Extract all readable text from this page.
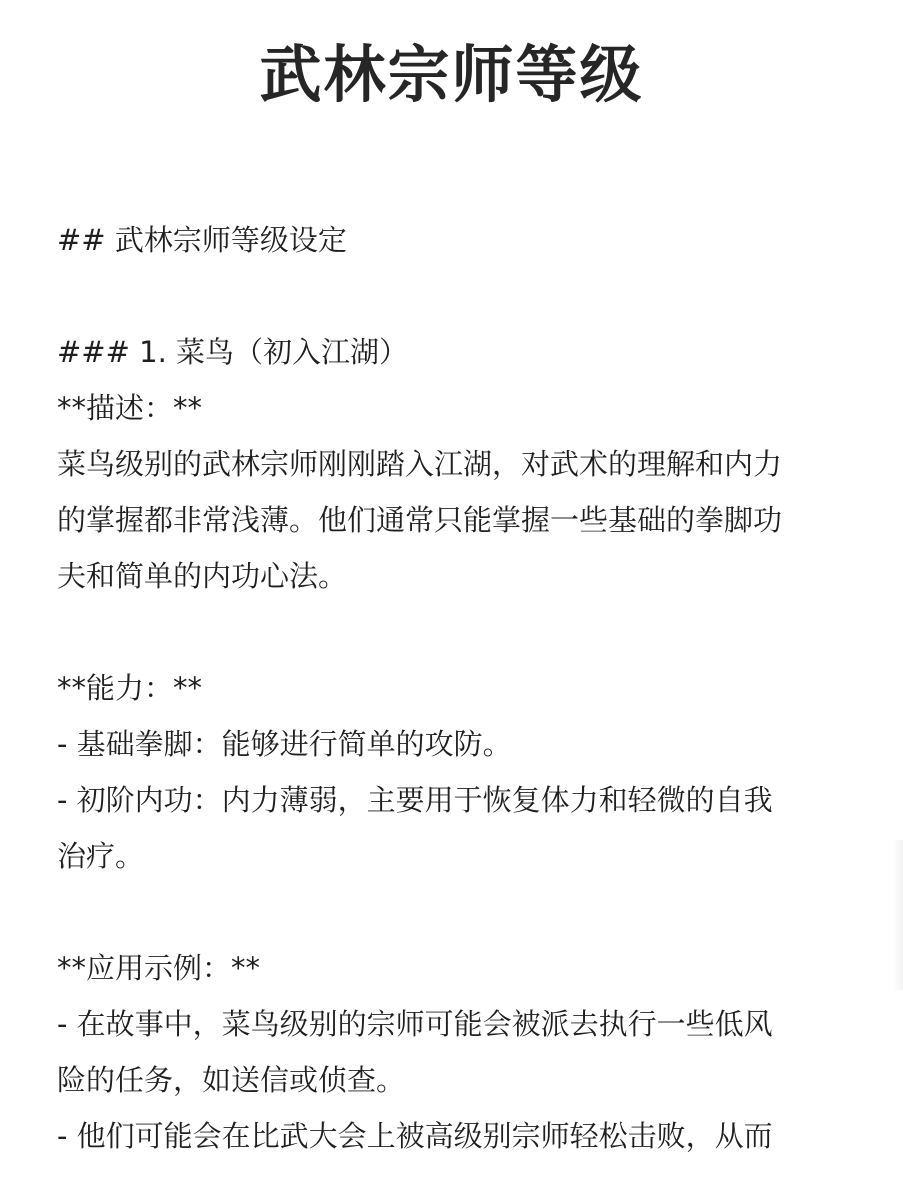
武林宗师等级
## 武林宗师等级设定
### 1. 菜鸟（初入江湖）
**描述：**
菜鸟级别的武林宗师刚刚踏入江湖，对武术的理解和内力
的掌握都非常浅薄。他们通常只能掌握一些基础的拳脚功
夫和简单的内功心法。
**能力：**
- 基础拳脚：能够进行简单的攻防。
- 初阶内功：内力薄弱，主要用于恢复体力和轻微的自我
治疗。
**应用示例：**
- 在故事中，菜鸟级别的宗师可能会被派去执行一些低风
险的任务，如送信或侦查。
- 他们可能会在比武大会上被高级别宗师轻松击败，从而
